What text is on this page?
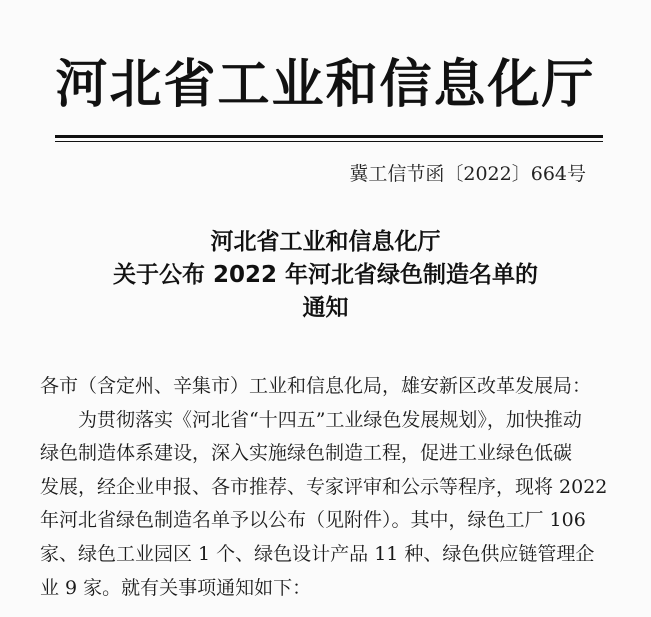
河北省工业和信息化厅
冀工信节函〔2022〕664号
河北省工业和信息化厅
关于公布 2022 年河北省绿色制造名单的
通知

各市（含定州、辛集市）工业和信息化局，雄安新区改革发展局：

为贯彻落实《河北省“十四五”工业绿色发展规划》，加快推动
绿色制造体系建设，深入实施绿色制造工程，促进工业绿色低碳
发展，经企业申报、各市推荐、专家评审和公示等程序，现将 2022
年河北省绿色制造名单予以公布（见附件）。其中，绿色工厂 106
家、绿色工业园区 1 个、绿色设计产品 11 种、绿色供应链管理企
业 9 家。就有关事项通知如下：
